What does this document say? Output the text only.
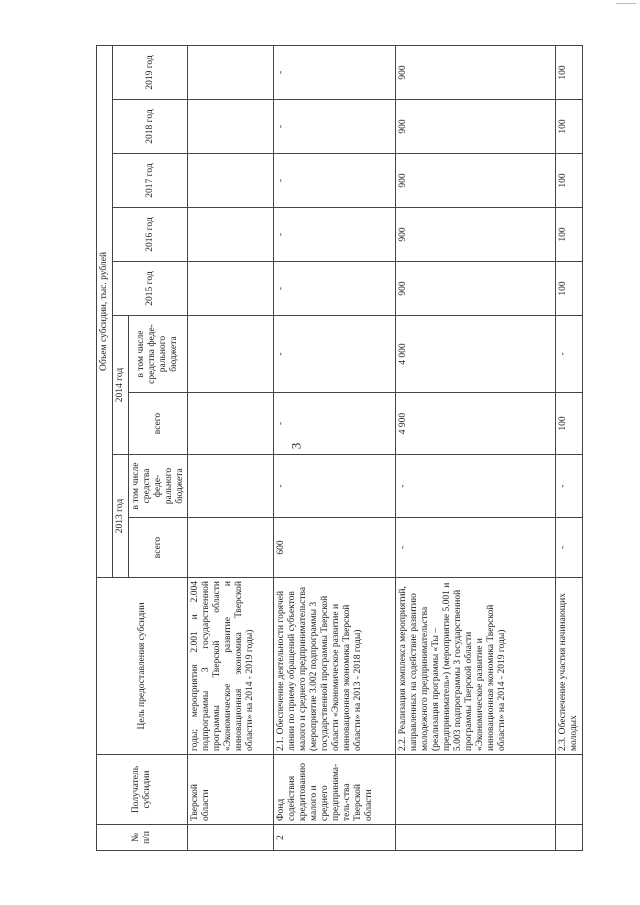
3
№ п/п	Получатель субсидии	Цель предоставления субсидии	Объем субсидии, тыс. рублей								
			2013 год		2014 год		2015 год	2016 год	2017 год	2018 год	2019 год
			всего	в том числе средства феде-рального бюджета	всего	в том числе средства феде-рального бюджета					
	Тверской области	годы; мероприятия 2.001 и 2.004 подпрограммы 3 государственной программы Тверской области «Экономическое развитие и инновационная экономика Тверской области» на 2014 - 2019 годы)									
2	Фонд содействия кредитованию малого и среднего предпринима-тель-ства Тверской области	2.1. Обеспечение деятельности горячей линии по приему обращений субъектов малого и среднего предпринимательства (мероприятие 3.002 подпрограммы 3 государственной программы Тверской области «Экономическое развитие и инновационная экономика Тверской области» на 2013 - 2018 годы)	600	-	-	-	-	-	-	-	-
		2.2. Реализация комплекса мероприятий, направленных на содействие развитию молодежного предпринимательства (реализация программы «Ты – предприниматель») (мероприятие 5.001 и 5.003 подпрограммы 3 государственной программы Тверской области «Экономическое развитие и инновационная экономика Тверской области» на 2014 - 2019 годы)	-	-	4 900	4 000	900	900	900	900	900
		2.3. Обеспечение участия начинающих молодых	-	-	100	-	100	100	100	100	100
